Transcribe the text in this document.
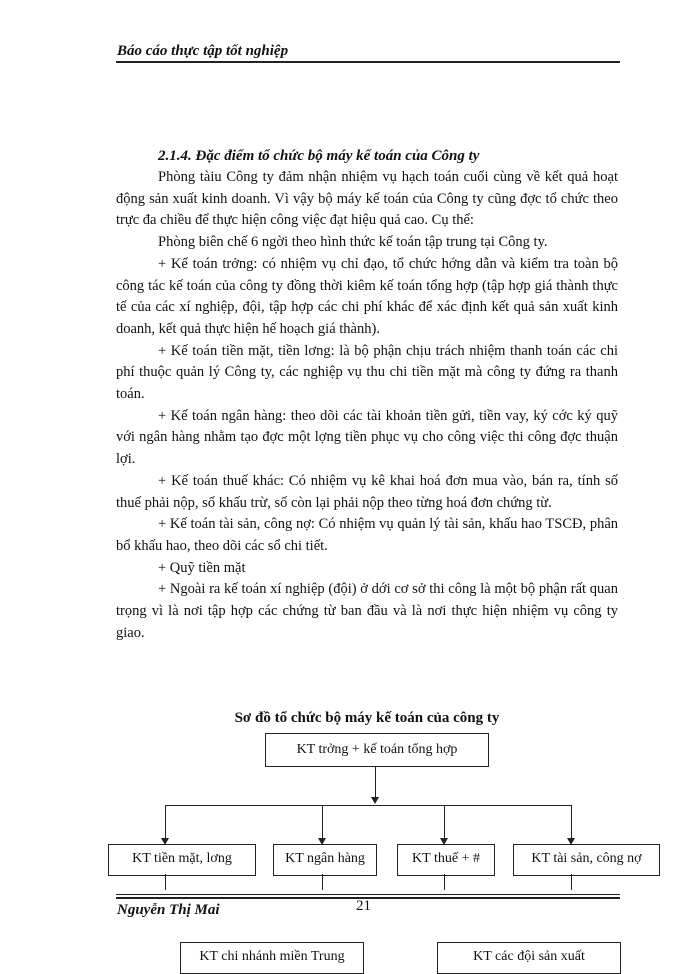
Báo cáo thực tập tốt nghiệp
2.1.4. Đặc điểm tổ chức bộ máy kế toán của Công ty

Phòng tàiu Công ty đảm nhận nhiệm vụ hạch toán cuối cùng về kết quả hoạt động sản xuất kinh doanh. Vì vậy bộ máy kế toán của Công ty cũng đợc tổ chức theo trực đa chiều để thực hiện công việc đạt hiệu quả cao. Cụ thể:

Phòng biên chế 6 ngời theo hình thức kế toán tập trung tại Công ty.

+ Kế toán trởng: có nhiệm vụ chỉ đạo, tổ chức hớng dẫn và kiểm tra toàn bộ công tác kế toán của công ty đồng thời kiêm kế toán tổng hợp (tập hợp giá thành thực tế của các xí nghiệp, đội, tập hợp các chi phí khác để xác định kết quả sản xuất kinh doanh, kết quả thực hiện hế hoạch giá thành).

+ Kế toán tiền mặt, tiền lơng: là bộ phận chịu trách nhiệm thanh toán các chi phí thuộc quản lý Công ty, các nghiệp vụ thu chi tiền mặt mà công ty đứng ra thanh toán.

+ Kế toán ngân hàng: theo dõi các tài khoản tiền gửi, tiền vay, ký cớc ký quỹ với ngân hàng nhằm tạo đợc một lợng tiền phục vụ cho công việc thi công đợc thuận lợi.

+ Kế toán thuế khác: Có nhiệm vụ kê khai hoá đơn mua vào, bán ra, tính số thuế phải nộp, số khấu trừ, số còn lại phải nộp theo từng hoá đơn chứng từ.

+ Kế toán tài sản, công nợ: Có nhiệm vụ quản lý tài sản, khấu hao TSCĐ, phân bổ khấu hao, theo dõi các sổ chi tiết.

+ Quỹ tiền mặt

+ Ngoài ra kế toán xí nghiệp (đội) ở dới cơ sở thi công là một bộ phận rất quan trọng vì là nơi tập hợp các chứng từ ban đầu và là nơi thực hiện nhiệm vụ công ty giao.

Sơ đồ tổ chức bộ máy kế toán của công ty
KT trởng + kế toán tổng hợp
KT tiền mặt, lơng	KT ngân hàng	KT thuế + #	KT tài sản, công nợ
KT chi nhánh miền Trung	KT các đội sản xuất
Nguyễn Thị Mai	21
